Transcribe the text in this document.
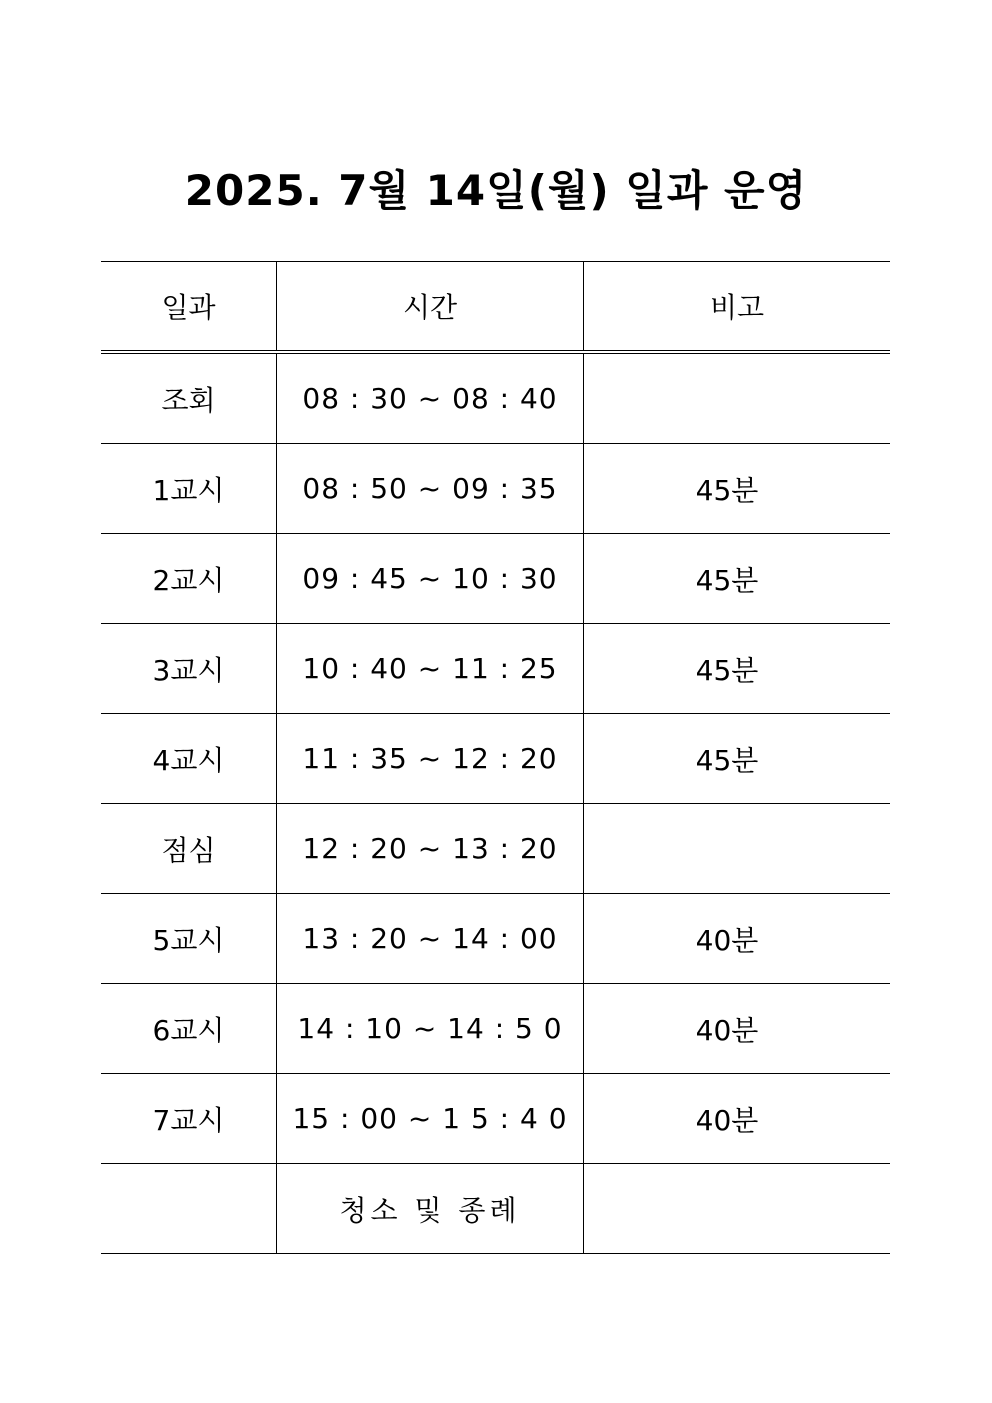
2025. 7월 14일(월) 일과 운영
일과	시간	비고
조회	08 : 30 ~ 08 : 40	
1교시	08 : 50 ~ 09 : 35	45분
2교시	09 : 45 ~ 10 : 30	45분
3교시	10 : 40 ~ 11 : 25	45분
4교시	11 : 35 ~ 12 : 20	45분
점심	12 : 20 ~ 13 : 20	
5교시	13 : 20 ~ 14 : 00	40분
6교시	14 : 10 ~ 14 : 5 0	40분
7교시	15 : 00 ~ 1 5 : 4 0	40분
	청소 및 종례	
